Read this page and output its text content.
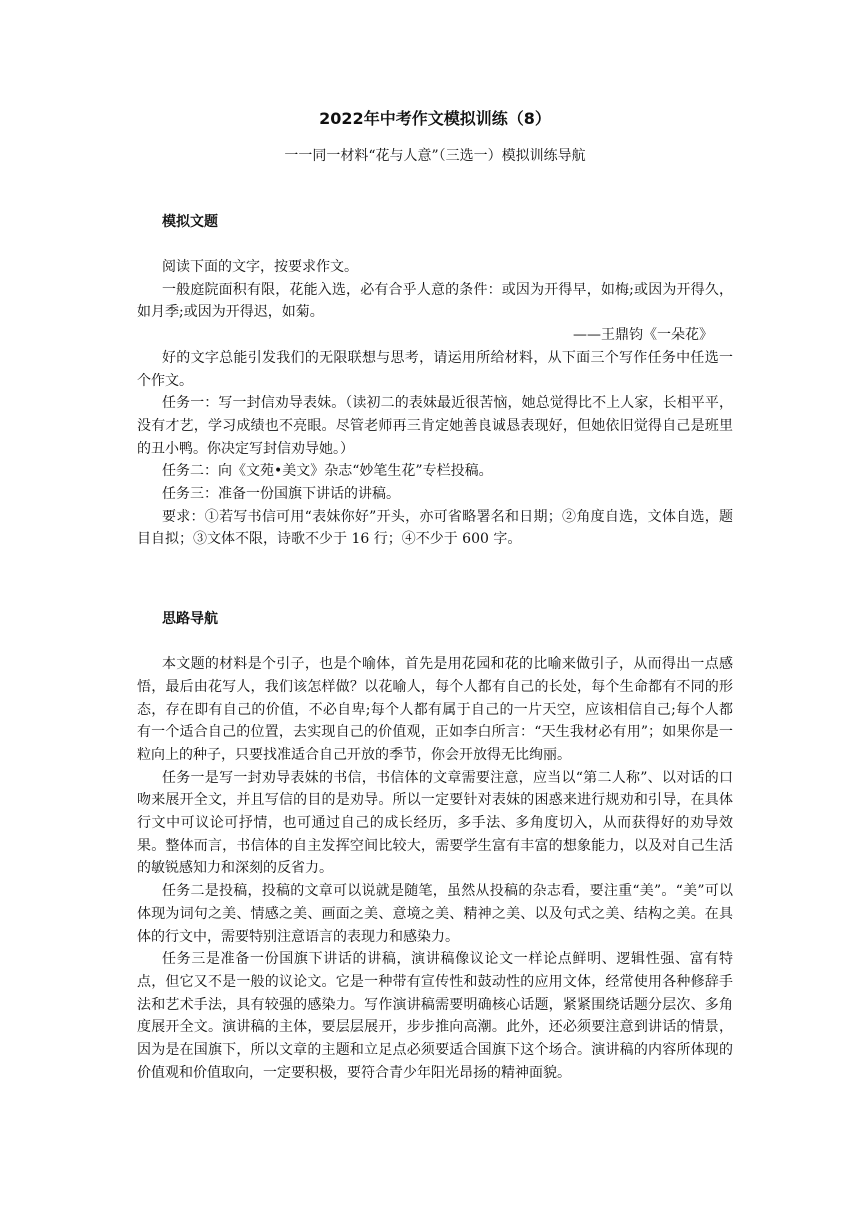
2022年中考作文模拟训练（8）

一一同一材料“花与人意”（三选一）模拟训练导航
模拟文题

阅读下面的文字，按要求作文。

一般庭院面积有限，花能入选，必有合乎人意的条件：或因为开得早，如梅;或因为开得久，如月季;或因为开得迟，如菊。

——王鼎钧《一朵花》

好的文字总能引发我们的无限联想与思考，请运用所给材料，从下面三个写作任务中任选一个作文。

任务一：写一封信劝导表妹。（读初二的表妹最近很苦恼，她总觉得比不上人家，长相平平，没有才艺，学习成绩也不亮眼。尽管老师再三肯定她善良诚恳表现好，但她依旧觉得自己是班里的丑小鸭。你决定写封信劝导她。）

任务二：向《文苑•美文》杂志“妙笔生花”专栏投稿。

任务三：准备一份国旗下讲话的讲稿。

要求：①若写书信可用“表妹你好”开头，亦可省略署名和日期；②角度自选，文体自选，题目自拟；③文体不限，诗歌不少于 16 行；④不少于 600 字。

思路导航

本文题的材料是个引子，也是个喻体，首先是用花园和花的比喻来做引子，从而得出一点感悟，最后由花写人，我们该怎样做？以花喻人，每个人都有自己的长处，每个生命都有不同的形态，存在即有自己的价值，不必自卑;每个人都有属于自己的一片天空，应该相信自己;每个人都有一个适合自己的位置，去实现自己的价值观，正如李白所言：“天生我材必有用”；如果你是一粒向上的种子，只要找准适合自己开放的季节，你会开放得无比绚丽。

任务一是写一封劝导表妹的书信，书信体的文章需要注意，应当以“第二人称”、以对话的口吻来展开全文，并且写信的目的是劝导。所以一定要针对表妹的困惑来进行规劝和引导，在具体行文中可议论可抒情，也可通过自己的成长经历，多手法、多角度切入，从而获得好的劝导效果。整体而言，书信体的自主发挥空间比较大，需要学生富有丰富的想象能力，以及对自己生活的敏锐感知力和深刻的反省力。

任务二是投稿，投稿的文章可以说就是随笔，虽然从投稿的杂志看，要注重“美”。“美”可以体现为词句之美、情感之美、画面之美、意境之美、精神之美、以及句式之美、结构之美。在具体的行文中，需要特别注意语言的表现力和感染力。

任务三是准备一份国旗下讲话的讲稿，演讲稿像议论文一样论点鲜明、逻辑性强、富有特点，但它又不是一般的议论文。它是一种带有宣传性和鼓动性的应用文体，经常使用各种修辞手法和艺术手法，具有较强的感染力。写作演讲稿需要明确核心话题，紧紧围绕话题分层次、多角度展开全文。演讲稿的主体，要层层展开，步步推向高潮。此外，还必须要注意到讲话的情景，因为是在国旗下，所以文章的主题和立足点必须要适合国旗下这个场合。演讲稿的内容所体现的价值观和价值取向，一定要积极，要符合青少年阳光昂扬的精神面貌。
